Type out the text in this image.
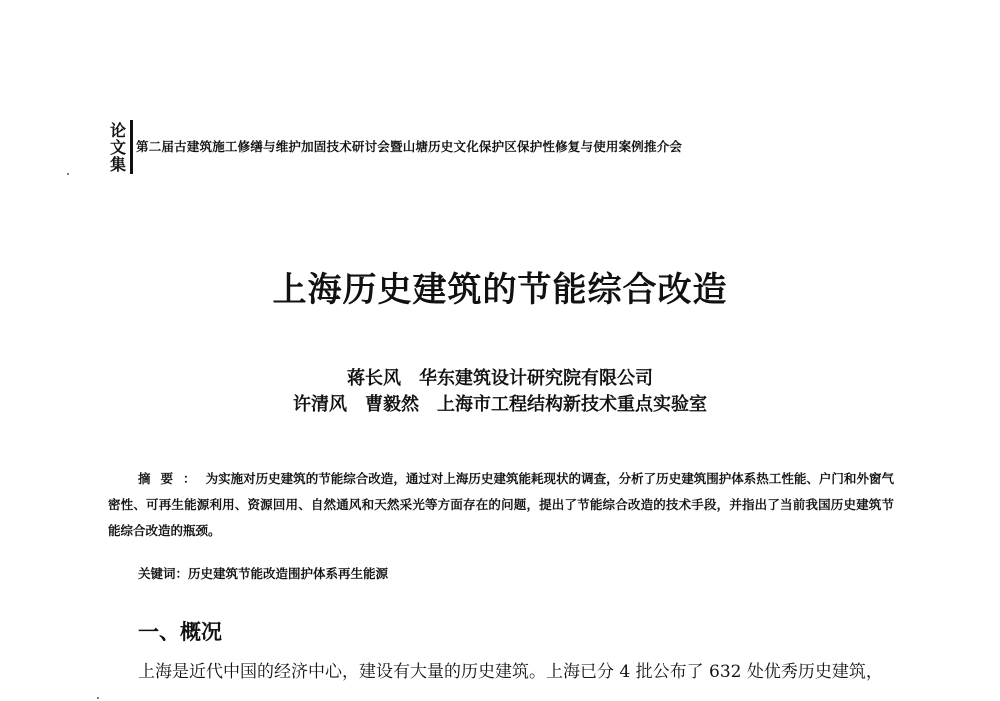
论
文
集
第二届古建筑施工修缮与维护加固技术研讨会暨山塘历史文化保护区保护性修复与使用案例推介会
上海历史建筑的节能综合改造
蒋长风 华东建筑设计研究院有限公司
许清风　曹毅然 上海市工程结构新技术重点实验室
摘要：为实施对历史建筑的节能综合改造，通过对上海历史建筑能耗现状的调查，分析了历史建筑围护体系热工性能、户门和外窗气密性、可再生能源利用、资源回用、自然通风和天然采光等方面存在的问题，提出了节能综合改造的技术手段，并指出了当前我国历史建筑节能综合改造的瓶颈。
关键词：历史建筑节能改造围护体系再生能源
一、概况
上海是近代中国的经济中心，建设有大量的历史建筑。上海已分 4 批公布了 632 处优秀历史建筑，
